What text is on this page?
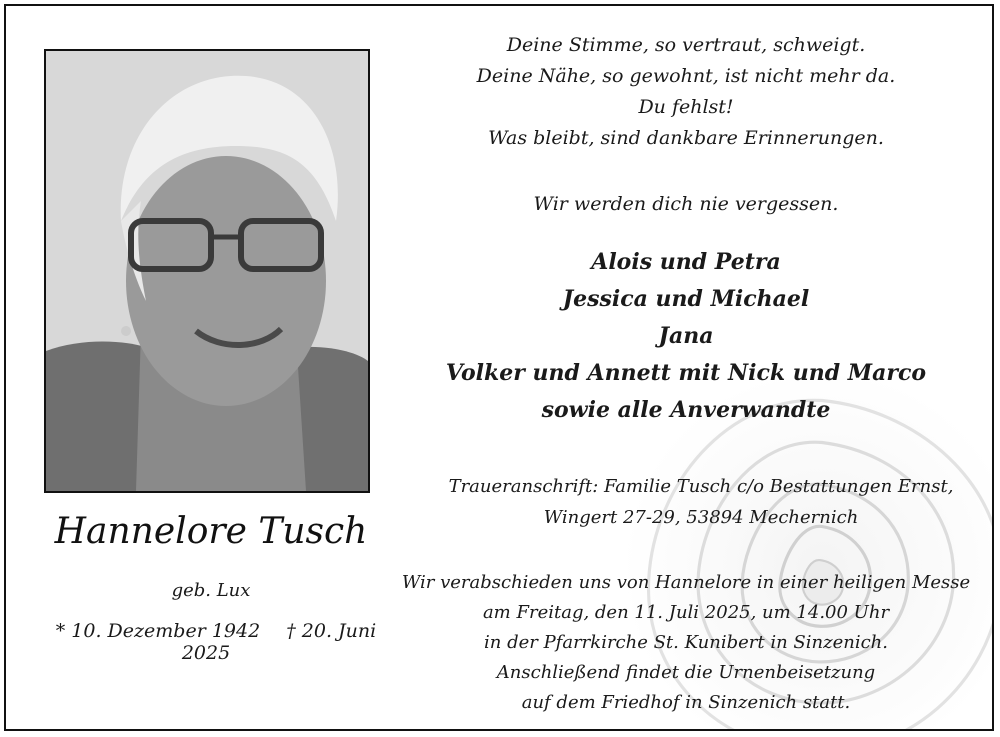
Hannelore Tusch
geb. Lux
* 10. Dezember 1942 † 20. Juni 2025
Deine Stimme, so vertraut, schweigt.
Deine Nähe, so gewohnt, ist nicht mehr da.
Du fehlst!
Was bleibt, sind dankbare Erinnerungen.
Wir werden dich nie vergessen.
Alois und Petra
Jessica und Michael
Jana
Volker und Annett mit Nick und Marco
sowie alle Anverwandte
Traueranschrift: Familie Tusch c/o Bestattungen Ernst,
Wingert 27-29, 53894 Mechernich
Wir verabschieden uns von Hannelore in einer heiligen Messe
am Freitag, den 11. Juli 2025, um 14.00 Uhr
in der Pfarrkirche St. Kunibert in Sinzenich.
Anschließend findet die Urnenbeisetzung
auf dem Friedhof in Sinzenich statt.
